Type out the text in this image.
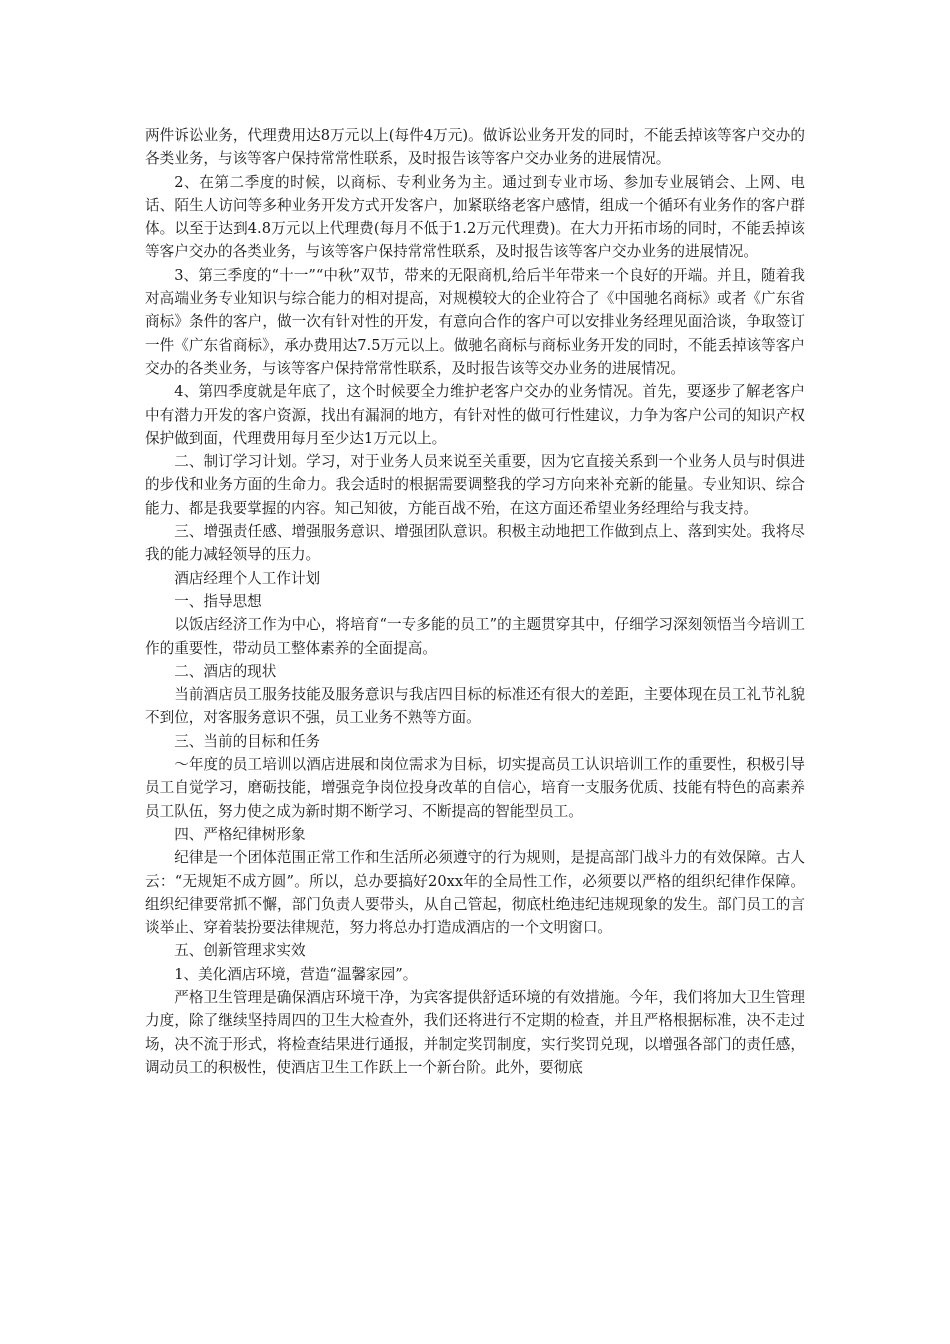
两件诉讼业务，代理费用达8万元以上(每件4万元)。做诉讼业务开发的同时，不能丢掉该等客户交办的各类业务，与该等客户保持常常性联系，及时报告该等客户交办业务的进展情况。

2、在第二季度的时候，以商标、专利业务为主。通过到专业市场、参加专业展销会、上网、电话、陌生人访问等多种业务开发方式开发客户，加紧联络老客户感情，组成一个循环有业务作的客户群体。以至于达到4.8万元以上代理费(每月不低于1.2万元代理费)。在大力开拓市场的同时，不能丢掉该等客户交办的各类业务，与该等客户保持常常性联系，及时报告该等客户交办业务的进展情况。

3、第三季度的“十一”“中秋”双节，带来的无限商机,给后半年带来一个良好的开端。并且，随着我对高端业务专业知识与综合能力的相对提高，对规模较大的企业符合了《中国驰名商标》或者《广东省商标》条件的客户，做一次有针对性的开发，有意向合作的客户可以安排业务经理见面洽谈，争取签订一件《广东省商标》，承办费用达7.5万元以上。做驰名商标与商标业务开发的同时，不能丢掉该等客户交办的各类业务，与该等客户保持常常性联系，及时报告该等交办业务的进展情况。

4、第四季度就是年底了，这个时候要全力维护老客户交办的业务情况。首先，要逐步了解老客户中有潜力开发的客户资源，找出有漏洞的地方，有针对性的做可行性建议，力争为客户公司的知识产权保护做到面，代理费用每月至少达1万元以上。

二、制订学习计划。学习，对于业务人员来说至关重要，因为它直接关系到一个业务人员与时俱进的步伐和业务方面的生命力。我会适时的根据需要调整我的学习方向来补充新的能量。专业知识、综合能力、都是我要掌握的内容。知己知彼，方能百战不殆，在这方面还希望业务经理给与我支持。

三、增强责任感、增强服务意识、增强团队意识。积极主动地把工作做到点上、落到实处。我将尽我的能力减轻领导的压力。

酒店经理个人工作计划

一、指导思想

以饭店经济工作为中心，将培育“一专多能的员工”的主题贯穿其中，仔细学习深刻领悟当今培训工作的重要性，带动员工整体素养的全面提高。

二、酒店的现状

当前酒店员工服务技能及服务意识与我店四目标的标准还有很大的差距，主要体现在员工礼节礼貌不到位，对客服务意识不强，员工业务不熟等方面。

三、当前的目标和任务

～年度的员工培训以酒店进展和岗位需求为目标，切实提高员工认识培训工作的重要性，积极引导员工自觉学习，磨砺技能，增强竞争岗位投身改革的自信心，培育一支服务优质、技能有特色的高素养员工队伍，努力使之成为新时期不断学习、不断提高的智能型员工。

四、严格纪律树形象

纪律是一个团体范围正常工作和生活所必须遵守的行为规则，是提高部门战斗力的有效保障。古人云：“无规矩不成方圆”。所以，总办要搞好20xx年的全局性工作，必须要以严格的组织纪律作保障。组织纪律要常抓不懈，部门负责人要带头，从自己管起，彻底杜绝违纪违规现象的发生。部门员工的言谈举止、穿着装扮要法律规范，努力将总办打造成酒店的一个文明窗口。

五、创新管理求实效

1、美化酒店环境，营造“温馨家园”。

严格卫生管理是确保酒店环境干净，为宾客提供舒适环境的有效措施。今年，我们将加大卫生管理力度，除了继续坚持周四的卫生大检查外，我们还将进行不定期的检查，并且严格根据标准，决不走过场，决不流于形式，将检查结果进行通报，并制定奖罚制度，实行奖罚兑现，以增强各部门的责任感，调动员工的积极性，使酒店卫生工作跃上一个新台阶。此外，要彻底
